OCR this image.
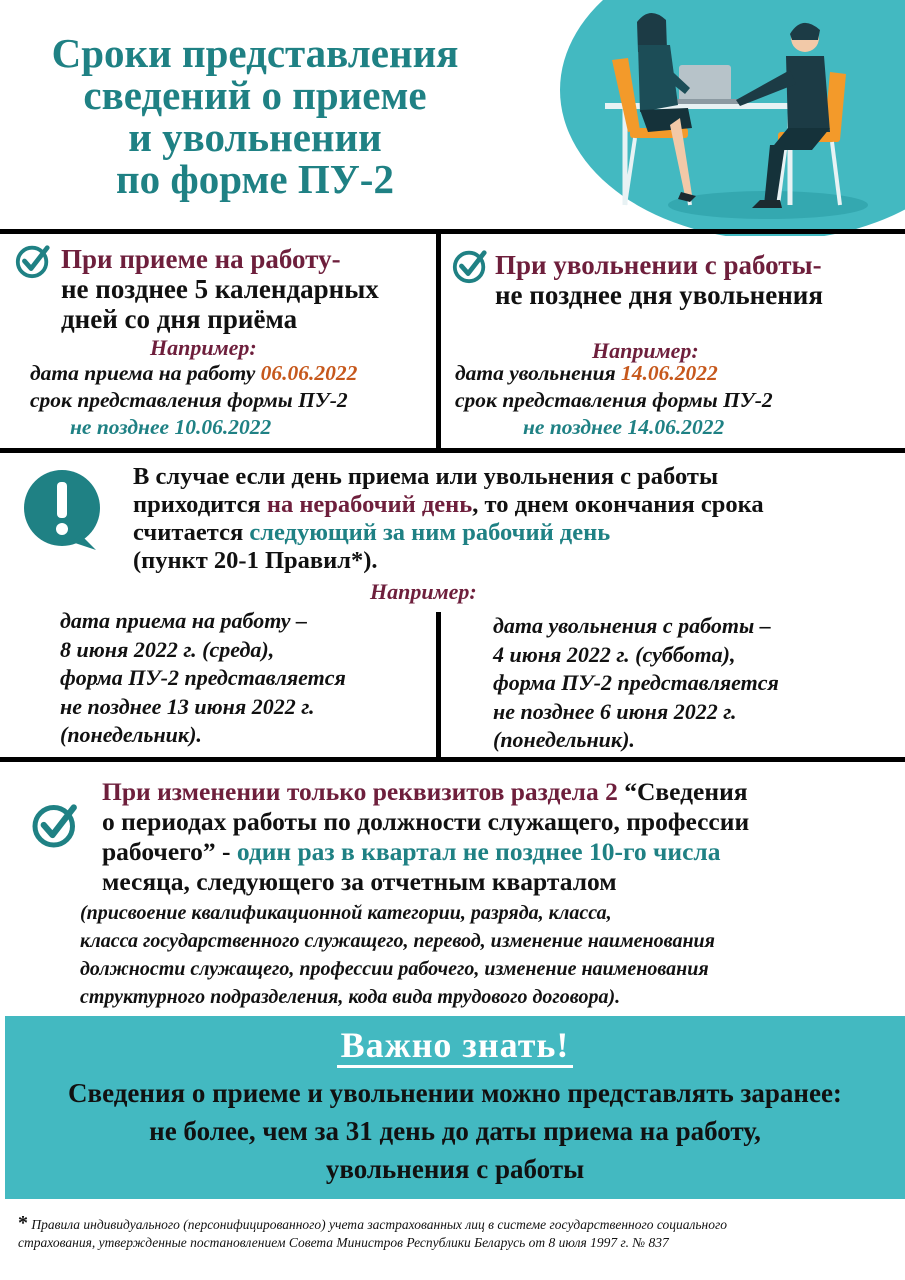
Сроки представления
сведений о приеме
и увольнении
по форме ПУ-2
При приеме на работу-
не позднее 5 календарных
дней со дня приёма
Например:
дата приема на работу 06.06.2022
срок представления формы ПУ-2
не позднее 10.06.2022
При увольнении с работы-
не позднее дня увольнения
Например:
дата увольнения 14.06.2022
срок представления формы ПУ-2
не позднее 14.06.2022
В случае если день приема или увольнения с работы
приходится на нерабочий день, то днем окончания срока
считается следующий за ним рабочий день
(пункт 20-1 Правил*).
Например:
дата приема на работу –
8 июня 2022 г. (среда),
форма ПУ-2 представляется
не позднее 13 июня 2022 г.
(понедельник).
дата увольнения с работы –
4 июня 2022 г. (суббота),
форма ПУ-2 представляется
не позднее 6 июня 2022 г.
(понедельник).
При изменении только реквизитов раздела 2 “Сведения
о периодах работы по должности служащего, профессии
рабочего” - один раз в квартал не позднее 10-го числа
месяца, следующего за отчетным кварталом
(присвоение квалификационной категории, разряда, класса,
класса государственного служащего, перевод, изменение наименования
должности служащего, профессии рабочего, изменение наименования
структурного подразделения, кода вида трудового договора).
Важно знать!
Сведения о приеме и увольнении можно представлять заранее:
не более, чем за 31 день до даты приема на работу,
увольнения с работы
* Правила индивидуального (персонифицированного) учета застрахованных лиц в системе государственного социального
страхования, утвержденные постановлением Совета Министров Республики Беларусь от 8 июля 1997 г. № 837
